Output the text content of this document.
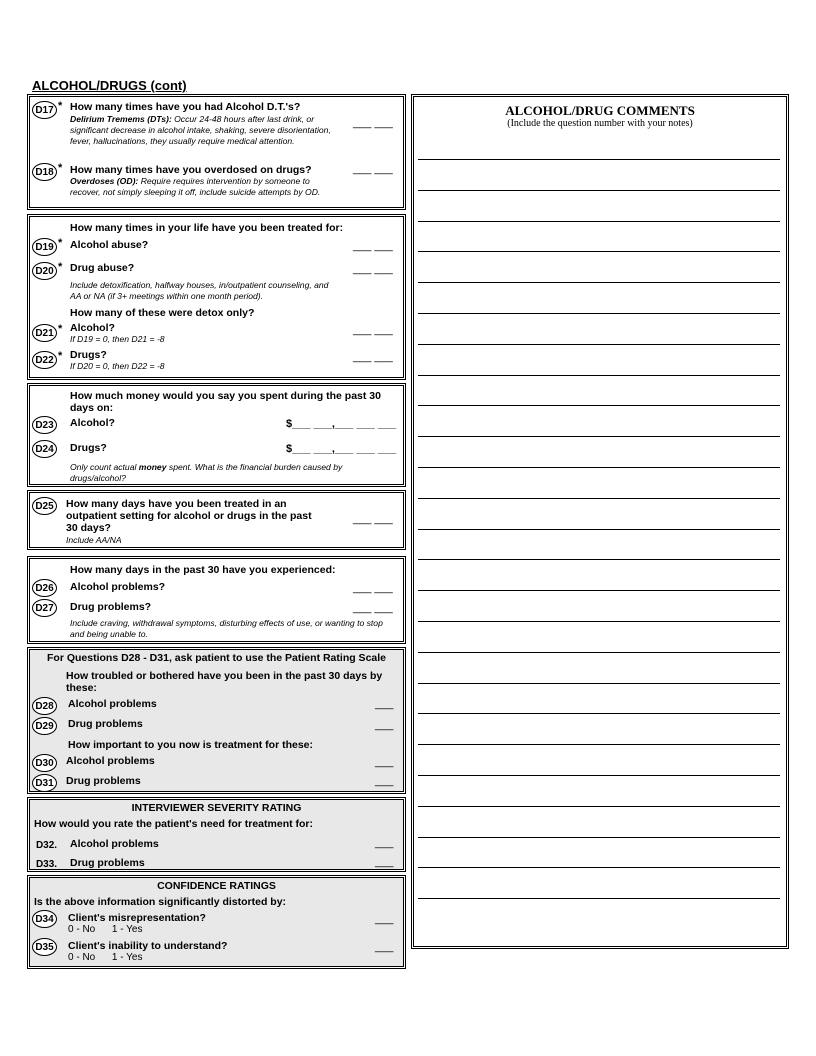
ALCOHOL/DRUGS (cont)
D17 * How many times have you had Alcohol D.T.'s?
Delirium Tremems (DTs): Occur 24-48 hours after last drink, or significant decrease in alcohol intake, shaking, severe disorientation, fever, hallucinations, they usually require medical attention.
___ ___
D18 * How many times have you overdosed on drugs?
Overdoses (OD): Require requires intervention by someone to recover, not simply sleeping it off, include suicide attempts by OD.
___ ___
How many times in your life have you been treated for:
D19 * Alcohol abuse?	___ ___
D20 * Drug abuse?	___ ___
Include detoxification, halfway houses, in/outpatient counseling, and AA or NA (if 3+ meetings within one month period).
How many of these were detox only?
D21 * Alcohol?
If D19 = 0, then D21 = -8
___ ___
D22 * Drugs?
If D20 = 0, then D22 = -8
___ ___
How much money would you say you spent during the past 30
days on:
D23	Alcohol?	$___ ___,___ ___ ___
D24	Drugs?	$___ ___,___ ___ ___
Only count actual money spent. What is the financial burden caused by drugs/alcohol?
D25	How many days have you been treated in an
outpatient setting for alcohol or drugs in the past
30 days?
Include AA/NA
___ ___
How many days in the past 30 have you experienced:
D26	Alcohol problems?	___ ___
D27	Drug problems?	___ ___
Include craving, withdrawal symptoms, disturbing effects of use, or wanting to stop and being unable to.
For Questions D28 - D31, ask patient to use the Patient Rating Scale
How troubled or bothered have you been in the past 30 days by
these:
D28	Alcohol problems	___
D29	Drug problems	___
How important to you now is treatment for these:
D30	Alcohol problems	___
D31	Drug problems	___
INTERVIEWER SEVERITY RATING
How would you rate the patient's need for treatment for:
D32. Alcohol problems	___
D33. Drug problems	___
CONFIDENCE RATINGS
Is the above information significantly distorted by:
D34	Client's misrepresentation?
0 - No 1 - Yes
___
D35	Client's inability to understand?
0 - No 1 - Yes
___
ALCOHOL/DRUG COMMENTS
(Include the question number with your notes)
